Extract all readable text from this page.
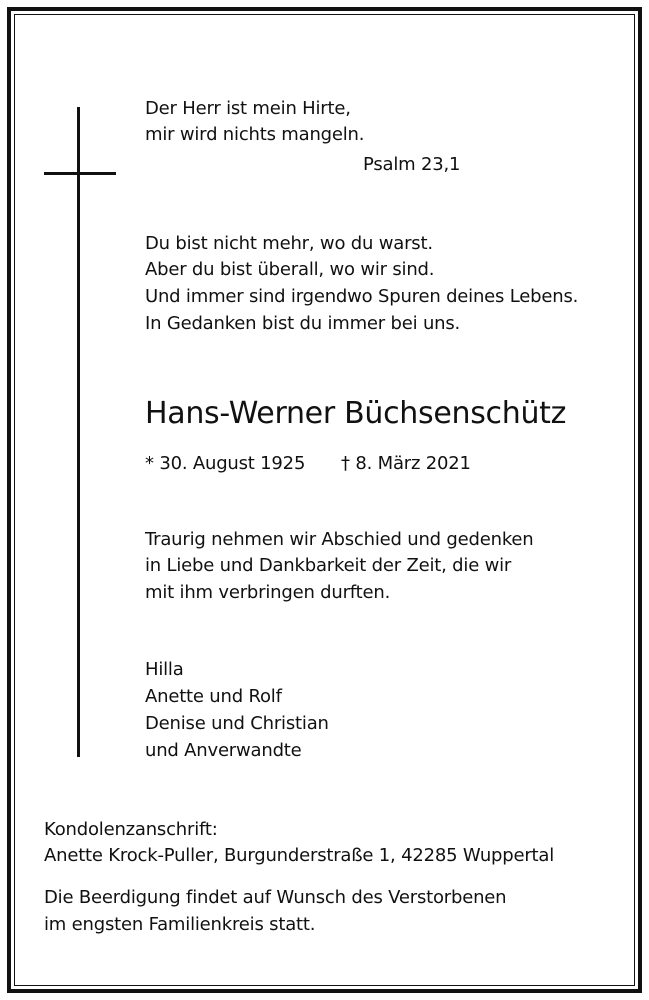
Der Herr ist mein Hirte,
mir wird nichts mangeln.
Psalm 23,1
Du bist nicht mehr, wo du warst.
Aber du bist überall, wo wir sind.
Und immer sind irgendwo Spuren deines Lebens.
In Gedanken bist du immer bei uns.
Hans-Werner Büchsenschütz
* 30. August 1925 † 8. März 2021
Traurig nehmen wir Abschied und gedenken
in Liebe und Dankbarkeit der Zeit, die wir
mit ihm verbringen durften.
Hilla
Anette und Rolf
Denise und Christian
und Anverwandte
Kondolenzanschrift:
Anette Krock-Puller, Burgunderstraße 1, 42285 Wuppertal
Die Beerdigung findet auf Wunsch des Verstorbenen
im engsten Familienkreis statt.
